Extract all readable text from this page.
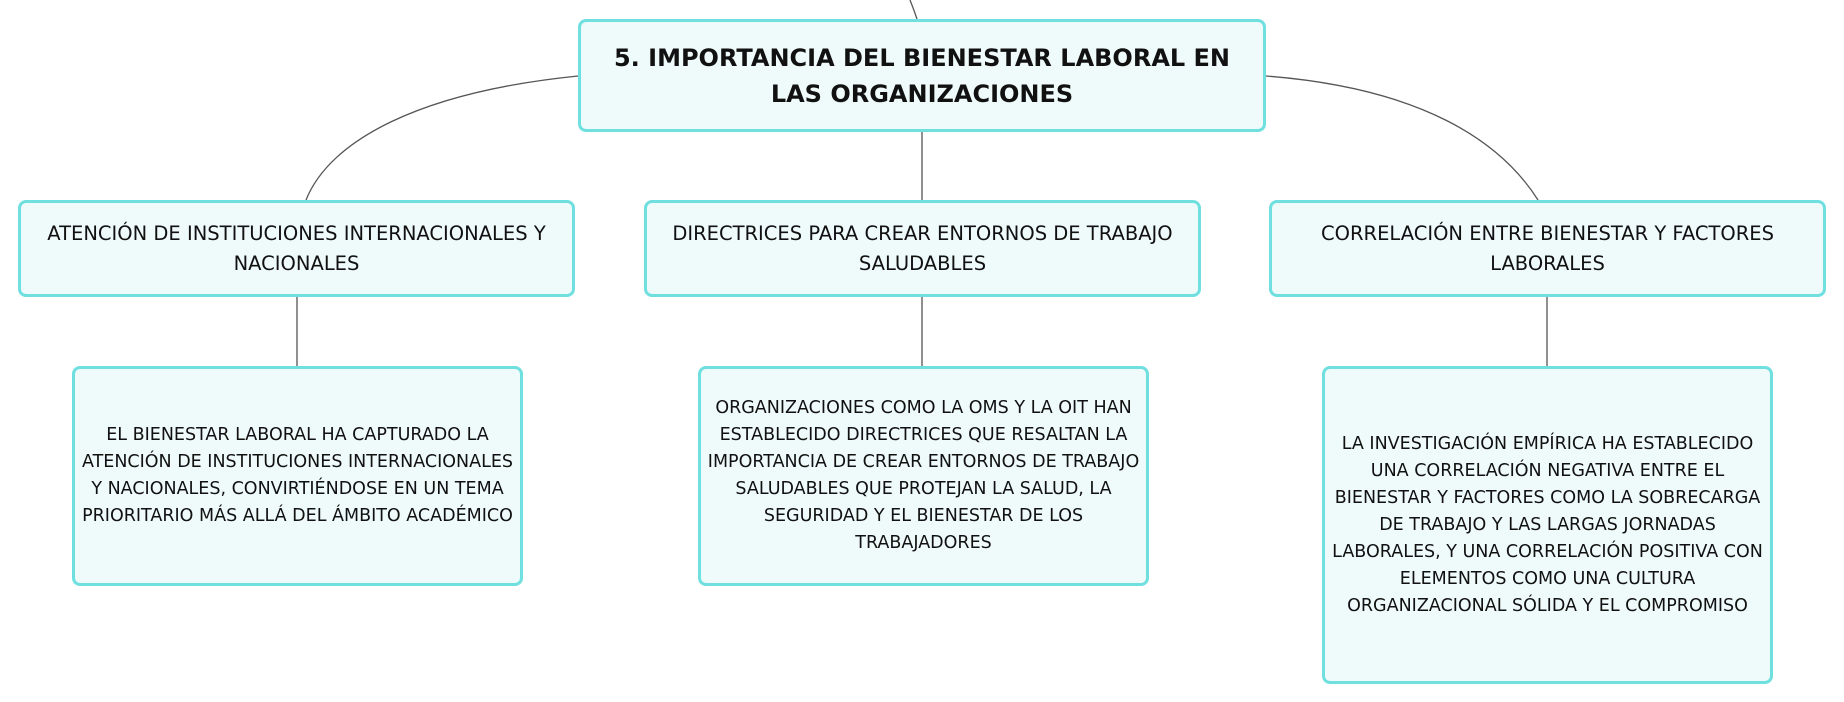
5. IMPORTANCIA DEL BIENESTAR LABORAL EN LAS ORGANIZACIONES
ATENCIÓN DE INSTITUCIONES INTERNACIONALES Y NACIONALES
DIRECTRICES PARA CREAR ENTORNOS DE TRABAJO SALUDABLES
CORRELACIÓN ENTRE BIENESTAR Y FACTORES LABORALES
EL BIENESTAR LABORAL HA CAPTURADO LA ATENCIÓN DE INSTITUCIONES INTERNACIONALES Y NACIONALES, CONVIRTIÉNDOSE EN UN TEMA PRIORITARIO MÁS ALLÁ DEL ÁMBITO ACADÉMICO
ORGANIZACIONES COMO LA OMS Y LA OIT HAN ESTABLECIDO DIRECTRICES QUE RESALTAN LA IMPORTANCIA DE CREAR ENTORNOS DE TRABAJO SALUDABLES QUE PROTEJAN LA SALUD, LA SEGURIDAD Y EL BIENESTAR DE LOS TRABAJADORES
LA INVESTIGACIÓN EMPÍRICA HA ESTABLECIDO UNA CORRELACIÓN NEGATIVA ENTRE EL BIENESTAR Y FACTORES COMO LA SOBRECARGA DE TRABAJO Y LAS LARGAS JORNADAS LABORALES, Y UNA CORRELACIÓN POSITIVA CON ELEMENTOS COMO UNA CULTURA ORGANIZACIONAL SÓLIDA Y EL COMPROMISO
